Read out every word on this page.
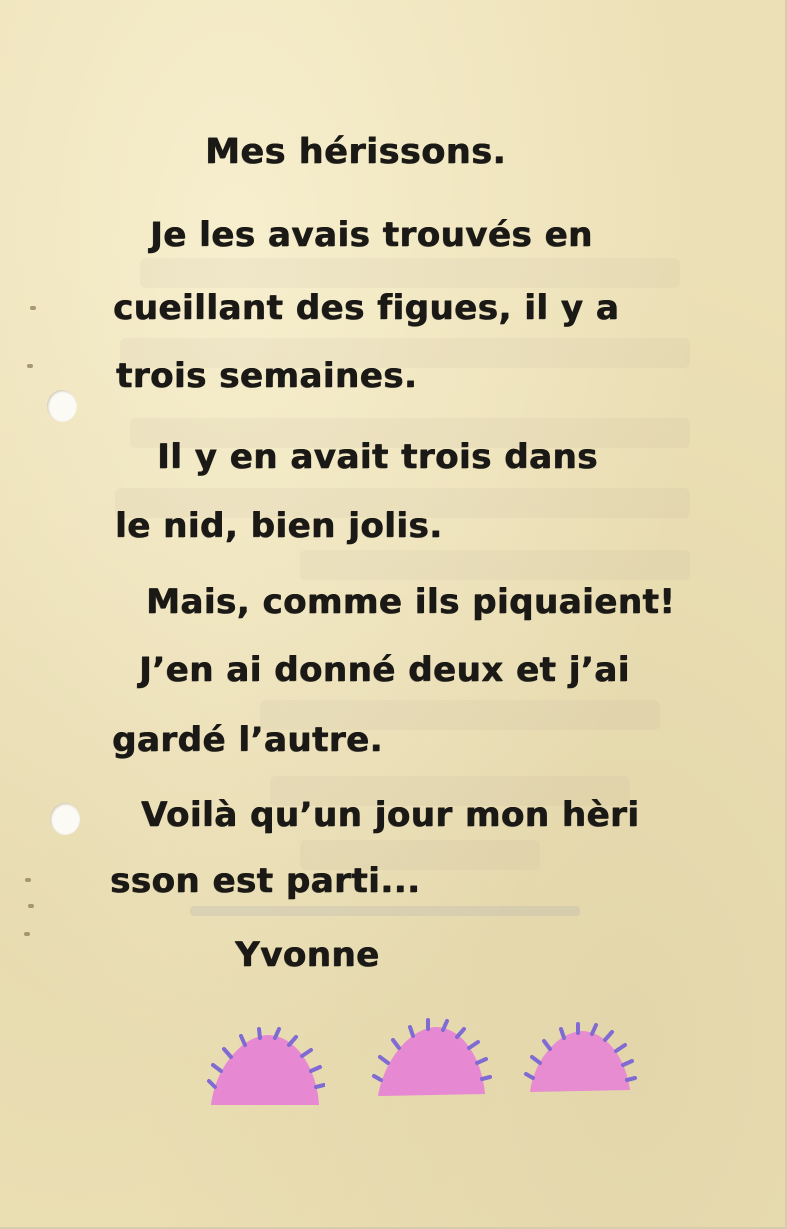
Mes hérissons.
Je les avais trouvés en
cueillant des figues, il y a
trois semaines.
Il y en avait trois dans
le nid, bien jolis.
Mais, comme ils piquaient!
J’en ai donné deux et j’ai
gardé l’autre.
Voilà qu’un jour mon hèri
sson est parti...
Yvonne
